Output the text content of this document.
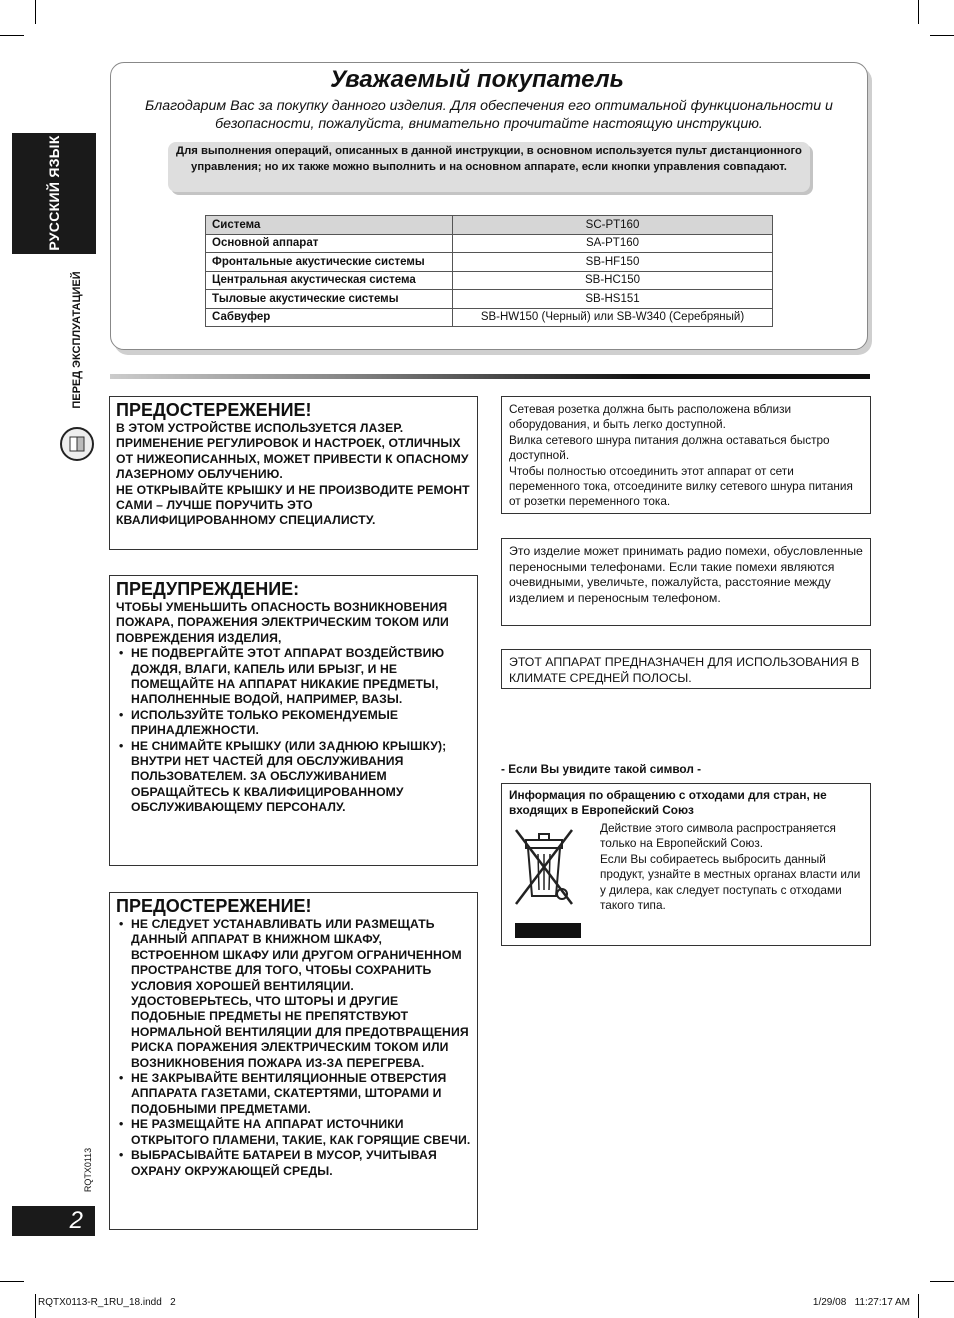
РУССКИЙ ЯЗЫК
ПЕРЕД ЭКСПЛУАТАЦИЕЙ
RQTX0113
2
Уважаемый покупатель
Благодарим Вас за покупку данного изделия. Для обеспечения его оптимальной функциональности и безопасности, пожалуйста, внимательно прочитайте настоящую инструкцию.
Для выполнения операций, описанных в данной инструкции, в основном используется пульт дистанционного управления; но их также можно выполнить и на основном аппарате, если кнопки управления совпадают.
Система	SC-PT160
Основной аппарат	SA-PT160
Фронтальные акустические системы	SB-HF150
Центральная акустическая система	SB-HC150
Тыловые акустические системы	SB-HS151
Сабвуфер	SB-HW150 (Черный) или SB-W340 (Серебряный)
ПРЕДОСТЕРЕЖЕНИЕ!
В ЭТОМ УСТРОЙСТВЕ ИСПОЛЬЗУЕТСЯ ЛАЗЕР. ПРИМЕНЕНИЕ РЕГУЛИРОВОК И НАСТРОЕК, ОТЛИЧНЫХ ОТ НИЖЕОПИСАННЫХ, МОЖЕТ ПРИВЕСТИ К ОПАСНОМУ ЛАЗЕРНОМУ ОБЛУЧЕНИЮ.
НЕ ОТКРЫВАЙТЕ КРЫШКУ И НЕ ПРОИЗВОДИТЕ РЕМОНТ САМИ – ЛУЧШЕ ПОРУЧИТЬ ЭТО КВАЛИФИЦИРОВАННОМУ СПЕЦИАЛИСТУ.
ПРЕДУПРЕЖДЕНИЕ:
ЧТОБЫ УМЕНЬШИТЬ ОПАСНОСТЬ ВОЗНИКНОВЕНИЯ ПОЖАРА, ПОРАЖЕНИЯ ЭЛЕКТРИЧЕСКИМ ТОКОМ ИЛИ ПОВРЕЖДЕНИЯ ИЗДЕЛИЯ,
• НЕ ПОДВЕРГАЙТЕ ЭТОТ АППАРАТ ВОЗДЕЙСТВИЮ ДОЖДЯ, ВЛАГИ, КАПЕЛЬ ИЛИ БРЫЗГ, И НЕ ПОМЕЩАЙТЕ НА АППАРАТ НИКАКИЕ ПРЕДМЕТЫ, НАПОЛНЕННЫЕ ВОДОЙ, НАПРИМЕР, ВАЗЫ.
• ИСПОЛЬЗУЙТЕ ТОЛЬКО РЕКОМЕНДУЕМЫЕ ПРИНАДЛЕЖНОСТИ.
• НЕ СНИМАЙТЕ КРЫШКУ (ИЛИ ЗАДНЮЮ КРЫШКУ); ВНУТРИ НЕТ ЧАСТЕЙ ДЛЯ ОБСЛУЖИВАНИЯ ПОЛЬЗОВАТЕЛЕМ. ЗА ОБСЛУЖИВАНИЕМ ОБРАЩАЙТЕСЬ К КВАЛИФИЦИРОВАННОМУ ОБСЛУЖИВАЮЩЕМУ ПЕРСОНАЛУ.
ПРЕДОСТЕРЕЖЕНИЕ!
• НЕ СЛЕДУЕТ УСТАНАВЛИВАТЬ ИЛИ РАЗМЕЩАТЬ ДАННЫЙ АППАРАТ В КНИЖНОМ ШКАФУ, ВСТРОЕННОМ ШКАФУ ИЛИ ДРУГОМ ОГРАНИЧЕННОМ ПРОСТРАНСТВЕ ДЛЯ ТОГО, ЧТОБЫ СОХРАНИТЬ УСЛОВИЯ ХОРОШЕЙ ВЕНТИЛЯЦИИ. УДОСТОВЕРЬТЕСЬ, ЧТО ШТОРЫ И ДРУГИЕ ПОДОБНЫЕ ПРЕДМЕТЫ НЕ ПРЕПЯТСТВУЮТ НОРМАЛЬНОЙ ВЕНТИЛЯЦИИ ДЛЯ ПРЕДОТВРАЩЕНИЯ РИСКА ПОРАЖЕНИЯ ЭЛЕКТРИЧЕСКИМ ТОКОМ ИЛИ ВОЗНИКНОВЕНИЯ ПОЖАРА ИЗ-ЗА ПЕРЕГРЕВА.
• НЕ ЗАКРЫВАЙТЕ ВЕНТИЛЯЦИОННЫЕ ОТВЕРСТИЯ АППАРАТА ГАЗЕТАМИ, СКАТЕРТЯМИ, ШТОРАМИ И ПОДОБНЫМИ ПРЕДМЕТАМИ.
• НЕ РАЗМЕЩАЙТЕ НА АППАРАТ ИСТОЧНИКИ ОТКРЫТОГО ПЛАМЕНИ, ТАКИЕ, КАК ГОРЯЩИЕ СВЕЧИ.
• ВЫБРАСЫВАЙТЕ БАТАРЕИ В МУСОР, УЧИТЫВАЯ ОХРАНУ ОКРУЖАЮЩЕЙ СРЕДЫ.
Сетевая розетка должна быть расположена вблизи оборудования, и быть легко доступной.
Вилка сетевого шнура питания должна оставаться быстро доступной.
Чтобы полностью отсоединить этот аппарат от сети переменного тока, отсоедините вилку сетевого шнура питания от розетки переменного тока.
Это изделие может принимать радио помехи, обусловленные переносными телефонами. Если такие помехи являются очевидными, увеличьте, пожалуйста, расстояние между изделием и переносным телефоном.
ЭТОТ АППАРАТ ПРЕДНАЗНАЧЕН ДЛЯ ИСПОЛЬЗОВАНИЯ В КЛИМАТЕ СРЕДНЕЙ ПОЛОСЫ.
- Если Вы увидите такой символ -
Информация по обращению с отходами для стран, не входящих в Европейский Союз
Действие этого символа распространяется только на Европейский Союз.
Если Вы собираетесь выбросить данный продукт, узнайте в местных органах власти или у дилера, как следует поступать с отходами такого типа.
RQTX0113-R_1RU_18.indd   2	1/29/08   11:27:17 AM
